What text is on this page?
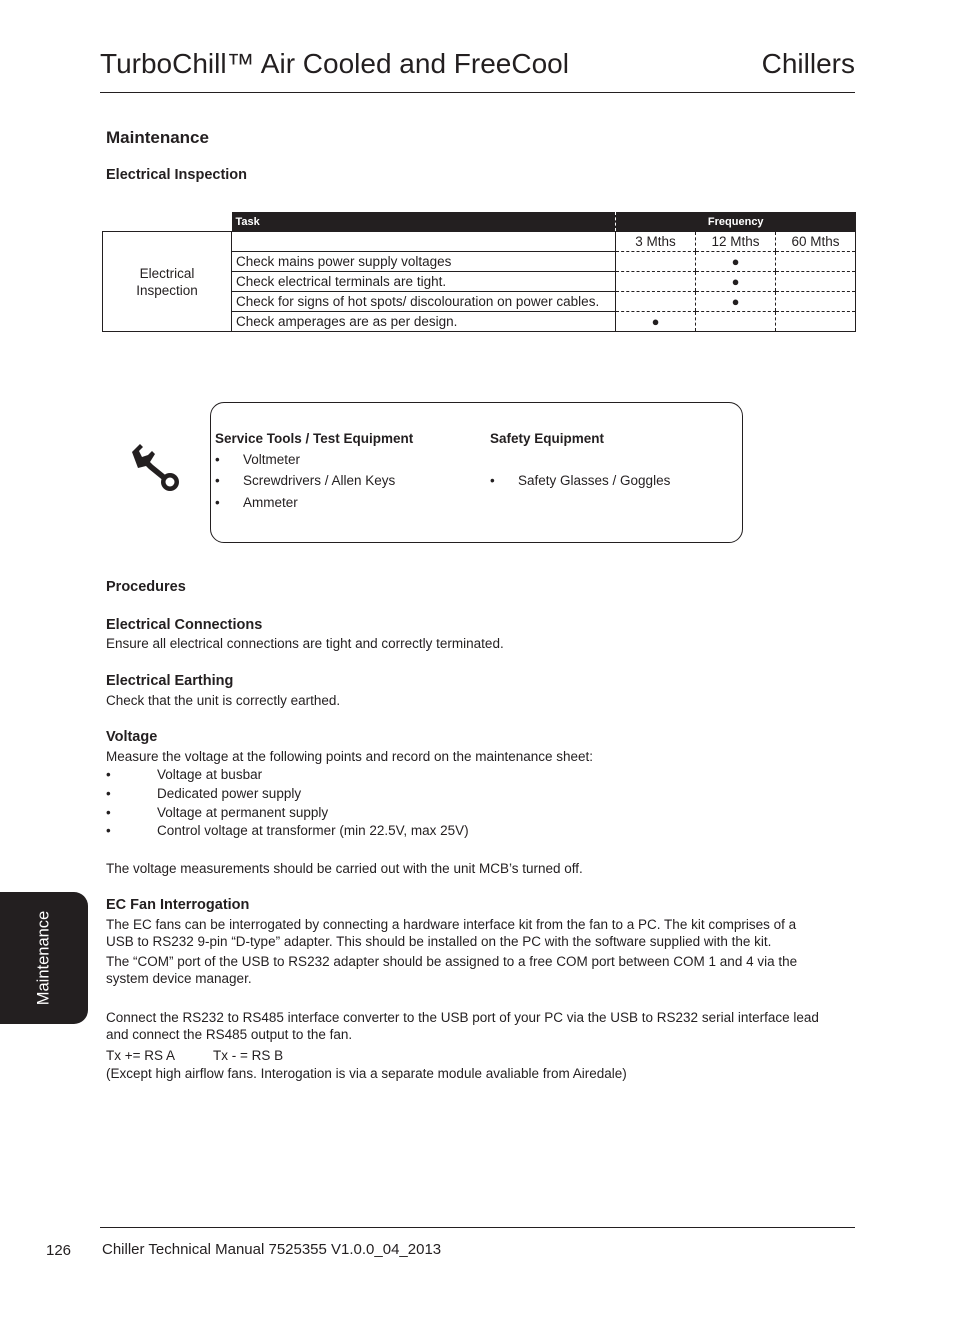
TurboChill™ Air Cooled and FreeCool	Chillers
Maintenance
Electrical Inspection
	Task	Frequency		

Electrical Inspection		3 Mths	12 Mths	60 Mths
	Check mains power supply voltages		●	
	Check electrical terminals are tight.		●	
	Check for signs of hot spots/ discolouration on power cables.		●	
	Check amperages are as per design.	●		
Service Tools / Test Equipment
• Voltmeter
• Screwdrivers / Allen Keys
• Ammeter
Safety Equipment
• Safety Glasses / Goggles
Procedures
Electrical Connections
Ensure all electrical connections are tight and correctly terminated.
Electrical Earthing
Check that the unit is correctly earthed.
Voltage
Measure the voltage at the following points and record on the maintenance sheet:
•	Voltage at busbar
•	Dedicated power supply
•	Voltage at permanent supply
•	Control voltage at transformer (min 22.5V, max 25V)
The voltage measurements should be carried out with the unit MCB’s turned off.
EC Fan Interrogation
The EC fans can be interrogated by connecting a hardware interface kit from the fan to a PC. The kit comprises of a
USB to RS232 9-pin “D-type” adapter. This should be installed on the PC with the software supplied with the kit.
The “COM” port of the USB to RS232 adapter should be assigned to a free COM port between COM 1 and 4 via the
system device manager.
Connect the RS232 to RS485 interface converter to the USB port of your PC via the USB to RS232 serial interface lead
and connect the RS485 output to the fan.
Tx += RS A	Tx - = RS B
(Except high airflow fans. Interogation is via a separate module avaliable from Airedale)
Maintenance
126 Chiller Technical Manual 7525355 V1.0.0_04_2013
